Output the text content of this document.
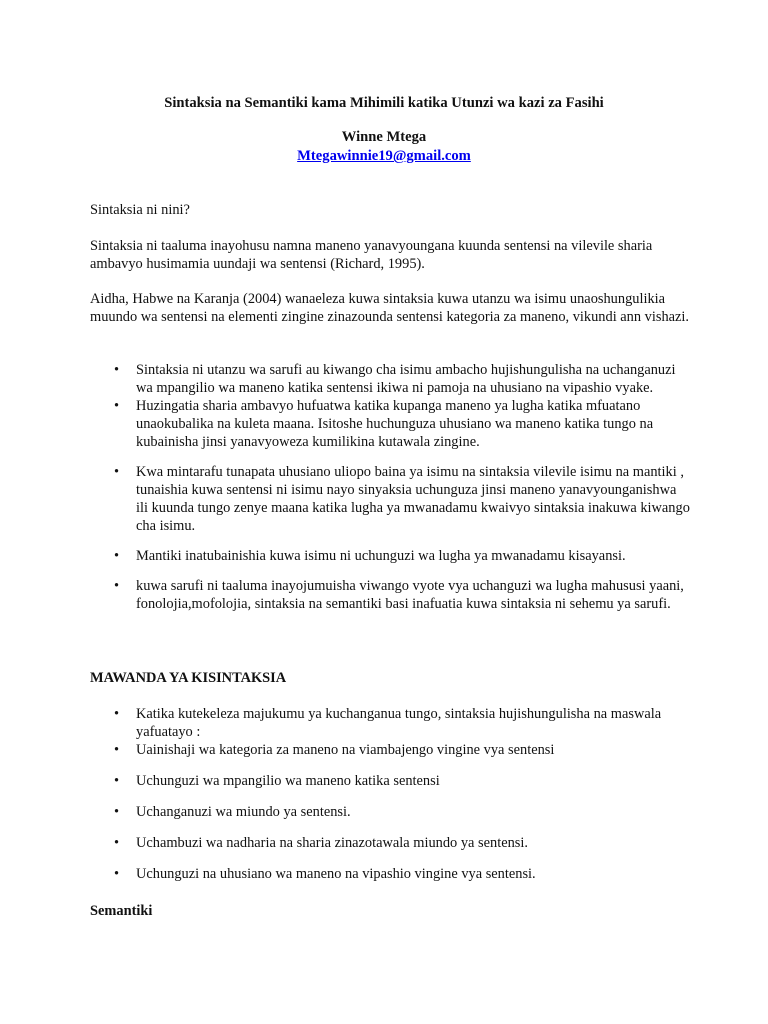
Sintaksia na Semantiki kama Mihimili katika Utunzi wa kazi za Fasihi
Winne Mtega
Mtegawinnie19@gmail.com
Sintaksia ni nini?
Sintaksia ni taaluma inayohusu namna maneno yanavyoungana kuunda sentensi na vilevile sharia ambavyo husimamia uundaji wa sentensi (Richard, 1995).
Aidha, Habwe na Karanja (2004) wanaeleza kuwa sintaksia kuwa utanzu wa isimu unaoshungulikia muundo wa sentensi na elementi zingine zinazounda sentensi kategoria za maneno, vikundi ann vishazi.
• Sintaksia ni utanzu wa sarufi au kiwango cha isimu ambacho hujishungulisha na uchanganuzi wa mpangilio wa maneno katika sentensi ikiwa ni pamoja na uhusiano na vipashio vyake.
• Huzingatia sharia ambavyo hufuatwa katika kupanga maneno ya lugha katika mfuatano unaokubalika na kuleta maana. Isitoshe huchunguza uhusiano wa maneno katika tungo na kubainisha jinsi yanavyoweza kumilikina kutawala zingine.
• Kwa mintarafu tunapata uhusiano uliopo baina ya isimu na sintaksia vilevile isimu na mantiki , tunaishia kuwa sentensi ni isimu nayo sinyaksia uchunguza jinsi maneno yanavyounganishwa ili kuunda tungo zenye maana katika lugha ya mwanadamu kwaivyo sintaksia inakuwa kiwango cha isimu.
• Mantiki inatubainishia kuwa isimu ni uchunguzi wa lugha ya mwanadamu kisayansi.
• kuwa sarufi ni taaluma inayojumuisha viwango vyote vya uchanguzi wa lugha mahususi yaani, fonolojia,mofolojia, sintaksia na semantiki basi inafuatia kuwa sintaksia ni sehemu ya sarufi.
MAWANDA YA KISINTAKSIA
• Katika kutekeleza majukumu ya kuchanganua tungo, sintaksia hujishungulisha na maswala yafuatayo :
• Uainishaji wa kategoria za maneno na viambajengo vingine vya sentensi
• Uchunguzi wa mpangilio wa maneno katika sentensi
• Uchanganuzi wa miundo ya sentensi.
• Uchambuzi wa nadharia na sharia zinazotawala miundo ya sentensi.
• Uchunguzi na uhusiano wa maneno na vipashio vingine vya sentensi.
Semantiki
